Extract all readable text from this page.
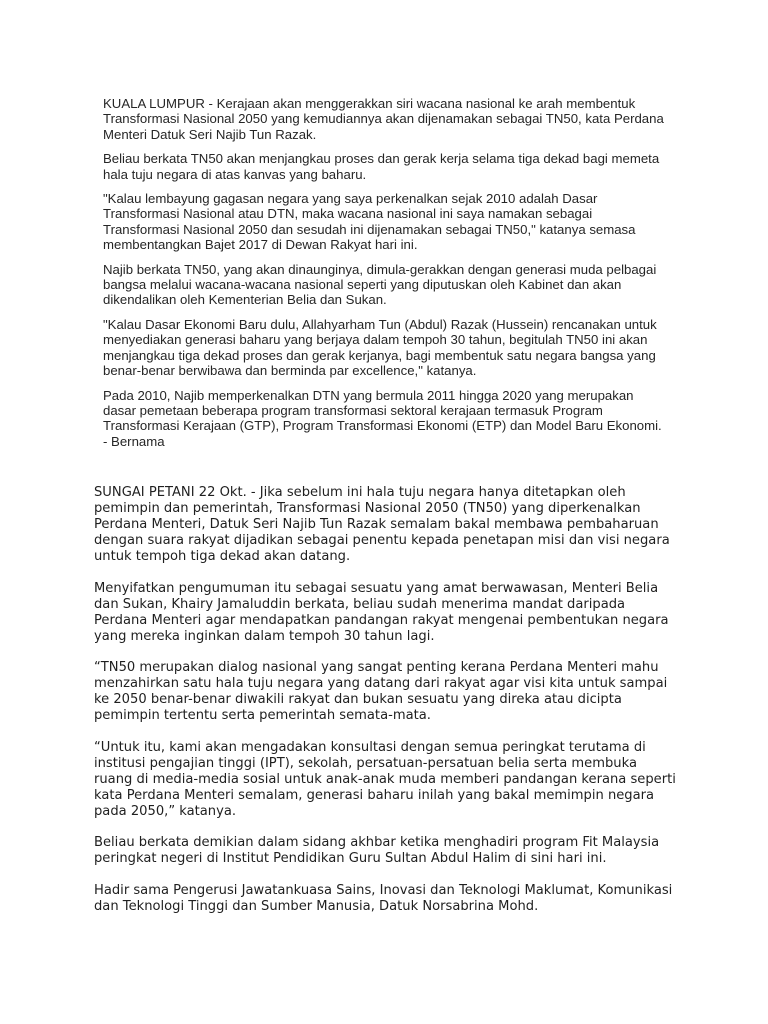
KUALA LUMPUR - Kerajaan akan menggerakkan siri wacana nasional ke arah membentuk Transformasi Nasional 2050 yang kemudiannya akan dijenamakan sebagai TN50, kata Perdana Menteri Datuk Seri Najib Tun Razak.

Beliau berkata TN50 akan menjangkau proses dan gerak kerja selama tiga dekad bagi memeta hala tuju negara di atas kanvas yang baharu.

"Kalau lembayung gagasan negara yang saya perkenalkan sejak 2010 adalah Dasar Transformasi Nasional atau DTN, maka wacana nasional ini saya namakan sebagai Transformasi Nasional 2050 dan sesudah ini dijenamakan sebagai TN50," katanya semasa membentangkan Bajet 2017 di Dewan Rakyat hari ini.

Najib berkata TN50, yang akan dinaunginya, dimula-gerakkan dengan generasi muda pelbagai bangsa melalui wacana-wacana nasional seperti yang diputuskan oleh Kabinet dan akan dikendalikan oleh Kementerian Belia dan Sukan.

"Kalau Dasar Ekonomi Baru dulu, Allahyarham Tun (Abdul) Razak (Hussein) rencanakan untuk menyediakan generasi baharu yang berjaya dalam tempoh 30 tahun, begitulah TN50 ini akan menjangkau tiga dekad proses dan gerak kerjanya, bagi membentuk satu negara bangsa yang benar-benar berwibawa dan berminda par excellence," katanya.

Pada 2010, Najib memperkenalkan DTN yang bermula 2011 hingga 2020 yang merupakan dasar pemetaan beberapa program transformasi sektoral kerajaan termasuk Program Transformasi Kerajaan (GTP), Program Transformasi Ekonomi (ETP) dan Model Baru Ekonomi. - Bernama

SUNGAI PETANI 22 Okt. - Jika sebelum ini hala tuju negara hanya ditetapkan oleh pemimpin dan pemerintah, Transformasi Nasional 2050 (TN50) yang diperkenalkan Perdana Menteri, Datuk Seri Najib Tun Razak semalam bakal membawa pembaharuan dengan suara rakyat dijadikan sebagai penentu kepada penetapan misi dan visi negara untuk tempoh tiga dekad akan datang.

Menyifatkan pengumuman itu sebagai sesuatu yang amat berwawasan, Menteri Belia dan Sukan, Khairy Jamaluddin berkata, beliau sudah menerima mandat daripada Perdana Menteri agar mendapatkan pandangan rakyat mengenai pembentukan negara yang mereka inginkan dalam tempoh 30 tahun lagi.

“TN50 merupakan dialog nasional yang sangat penting kerana Perdana Menteri mahu menzahirkan satu hala tuju negara yang datang dari rakyat agar visi kita untuk sampai ke 2050 benar-benar diwakili rakyat dan bukan sesuatu yang direka atau dicipta pemimpin tertentu serta pemerintah semata-mata.

“Untuk itu, kami akan mengadakan konsultasi dengan semua peringkat terutama di institusi pengajian tinggi (IPT), sekolah, persatuan-persatuan belia serta membuka ruang di media-media sosial untuk anak-anak muda memberi pandangan kerana seperti kata Perdana Menteri semalam, generasi baharu inilah yang bakal memimpin negara pada 2050,” katanya.

Beliau berkata demikian dalam sidang akhbar ketika menghadiri program Fit Malaysia peringkat negeri di Institut Pendidikan Guru Sultan Abdul Halim di sini hari ini.

Hadir sama Pengerusi Jawatankuasa Sains, Inovasi dan Teknologi Maklumat, Komunikasi dan Teknologi Tinggi dan Sumber Manusia, Datuk Norsabrina Mohd.
